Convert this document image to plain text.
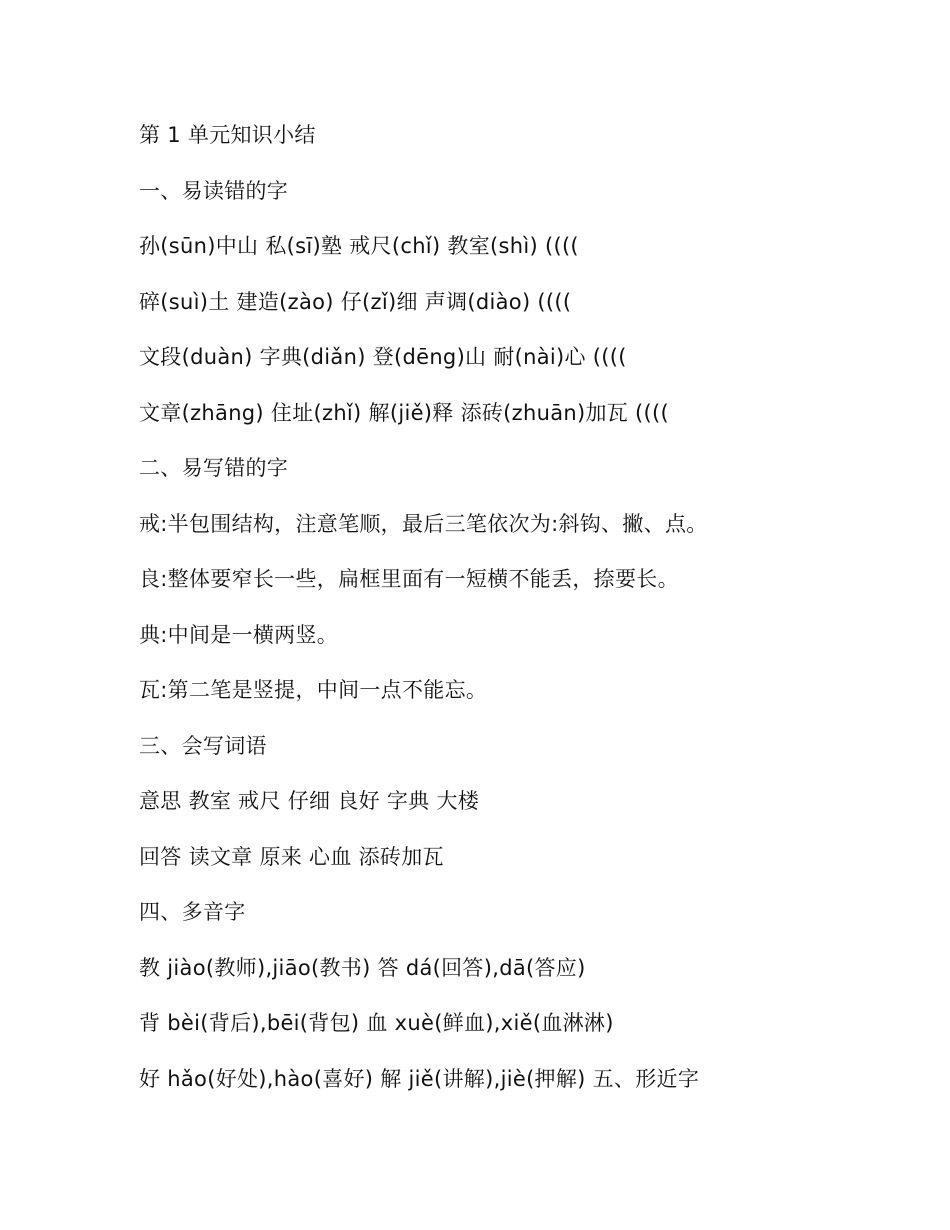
第 1 单元知识小结
一、易读错的字
孙(sūn)中山 私(sī)塾 戒尺(chǐ) 教室(shì) ((((
碎(suì)土 建造(zào) 仔(zǐ)细 声调(diào) ((((
文段(duàn) 字典(diǎn) 登(dēng)山 耐(nài)心 ((((
文章(zhāng) 住址(zhǐ) 解(jiě)释 添砖(zhuān)加瓦 ((((
二、易写错的字
戒:半包围结构，注意笔顺，最后三笔依次为:斜钩、撇、点。
良:整体要窄长一些，扁框里面有一短横不能丢，捺要长。
典:中间是一横两竖。
瓦:第二笔是竖提，中间一点不能忘。
三、会写词语
意思 教室 戒尺 仔细 良好 字典 大楼
回答 读文章 原来 心血 添砖加瓦
四、多音字
教 jiào(教师),jiāo(教书) 答 dá(回答),dā(答应)
背 bèi(背后),bēi(背包) 血 xuè(鲜血),xiě(血淋淋)
好 hǎo(好处),hào(喜好) 解 jiě(讲解),jiè(押解) 五、形近字
